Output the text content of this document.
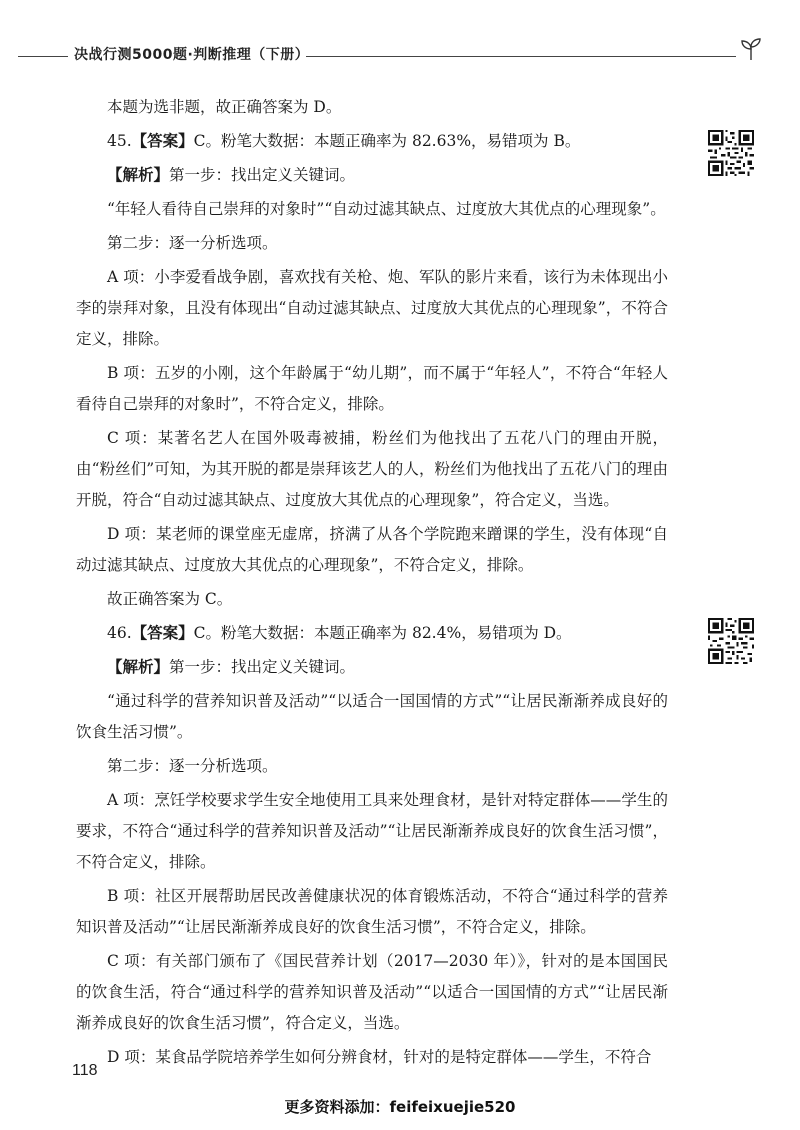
决战行测5000题·判断推理（下册）

本题为选非题，故正确答案为 D。

45.【答案】C。粉笔大数据：本题正确率为 82.63%，易错项为 B。

【解析】第一步：找出定义关键词。

“年轻人看待自己崇拜的对象时”“自动过滤其缺点、过度放大其优点的心理现象”。

第二步：逐一分析选项。

A 项：小李爱看战争剧，喜欢找有关枪、炮、军队的影片来看，该行为未体现出小李的崇拜对象，且没有体现出“自动过滤其缺点、过度放大其优点的心理现象”，不符合定义，排除。

B 项：五岁的小刚，这个年龄属于“幼儿期”，而不属于“年轻人”，不符合“年轻人看待自己崇拜的对象时”，不符合定义，排除。

C 项：某著名艺人在国外吸毒被捕，粉丝们为他找出了五花八门的理由开脱，由“粉丝们”可知，为其开脱的都是崇拜该艺人的人，粉丝们为他找出了五花八门的理由开脱，符合“自动过滤其缺点、过度放大其优点的心理现象”，符合定义，当选。

D 项：某老师的课堂座无虚席，挤满了从各个学院跑来蹭课的学生，没有体现“自动过滤其缺点、过度放大其优点的心理现象”，不符合定义，排除。

故正确答案为 C。

46.【答案】C。粉笔大数据：本题正确率为 82.4%，易错项为 D。

【解析】第一步：找出定义关键词。

“通过科学的营养知识普及活动”“以适合一国国情的方式”“让居民渐渐养成良好的饮食生活习惯”。

第二步：逐一分析选项。

A 项：烹饪学校要求学生安全地使用工具来处理食材，是针对特定群体——学生的要求，不符合“通过科学的营养知识普及活动”“让居民渐渐养成良好的饮食生活习惯”，不符合定义，排除。

B 项：社区开展帮助居民改善健康状况的体育锻炼活动，不符合“通过科学的营养知识普及活动”“让居民渐渐养成良好的饮食生活习惯”，不符合定义，排除。

C 项：有关部门颁布了《国民营养计划（2017—2030 年）》，针对的是本国国民的饮食生活，符合“通过科学的营养知识普及活动”“以适合一国国情的方式”“让居民渐渐养成良好的饮食生活习惯”，符合定义，当选。

D 项：某食品学院培养学生如何分辨食材，针对的是特定群体——学生，不符合

118
更多资料添加：feifeixuejie520
